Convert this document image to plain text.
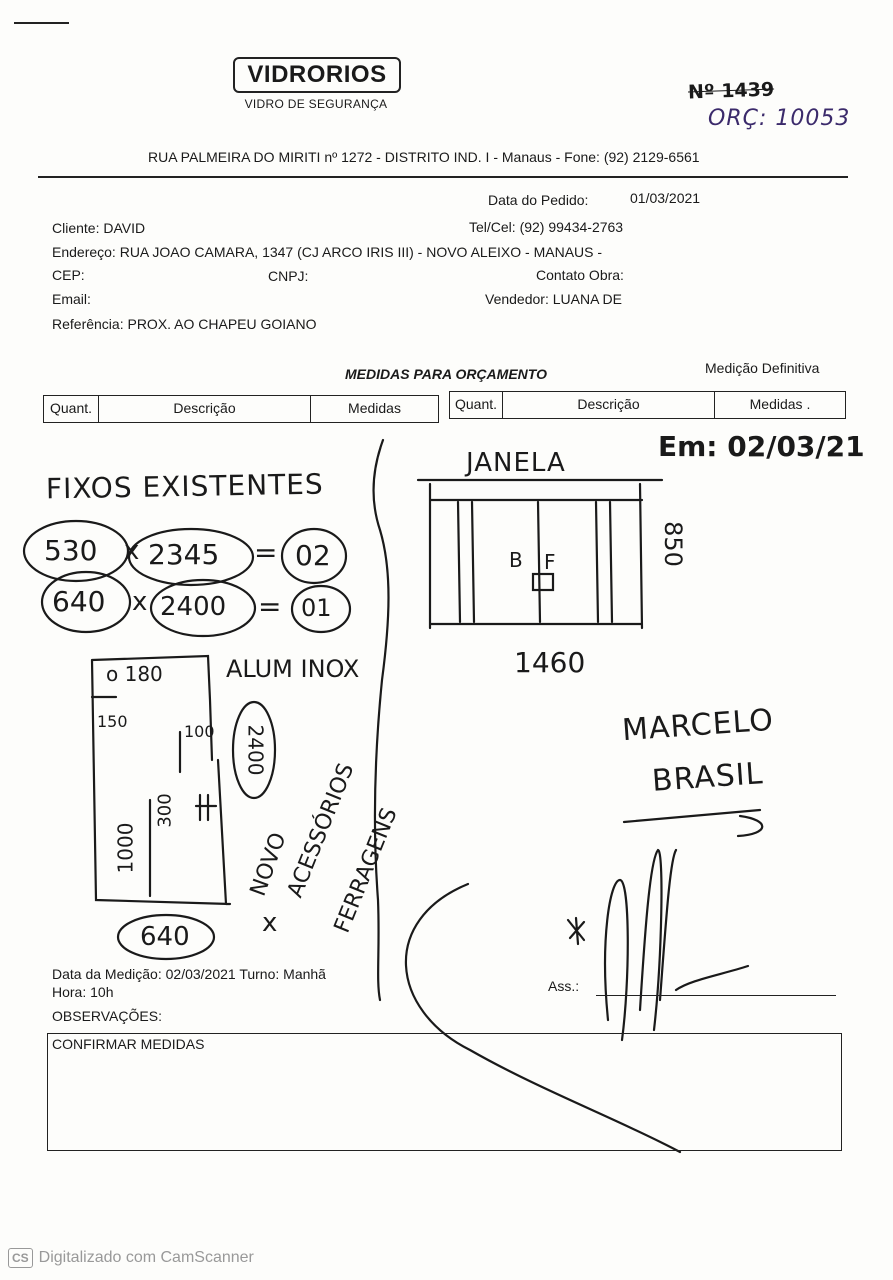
VIDRORIOS
VIDRO DE SEGURANÇA
Nº 1439
ORÇ: 10053
RUA PALMEIRA DO MIRITI nº 1272 - DISTRITO IND. I - Manaus - Fone: (92) 2129-6561
Data do Pedido:	01/03/2021
Cliente: DAVID	Tel/Cel: (92) 99434-2763
Endereço: RUA JOAO CAMARA, 1347 (CJ ARCO IRIS III) - NOVO ALEIXO - MANAUS -
CEP:	CNPJ:	Contato Obra:
Email:	Vendedor: LUANA DE
Referência: PROX. AO CHAPEU GOIANO
MEDIDAS PARA ORÇAMENTO	Medição Definitiva
Quant.	Descrição	Medidas	Quant.	Descrição	Medidas .
FIXOS EXISTENTES
530 x 2345 = 02
640 x 2400 = 01
JANELA	Em: 02/03/21
B F	850
1460
o 180	ALUM INOX
150
100
300
1000
2400
640
NOVO
x
ACESSÓRIOS
FERRAGENS
MARCELO
BRASIL
Data da Medição: 02/03/2021 Turno: Manhã
Hora: 10h	Ass.:
OBSERVAÇÕES:
CONFIRMAR MEDIDAS
CS Digitalizado com CamScanner
